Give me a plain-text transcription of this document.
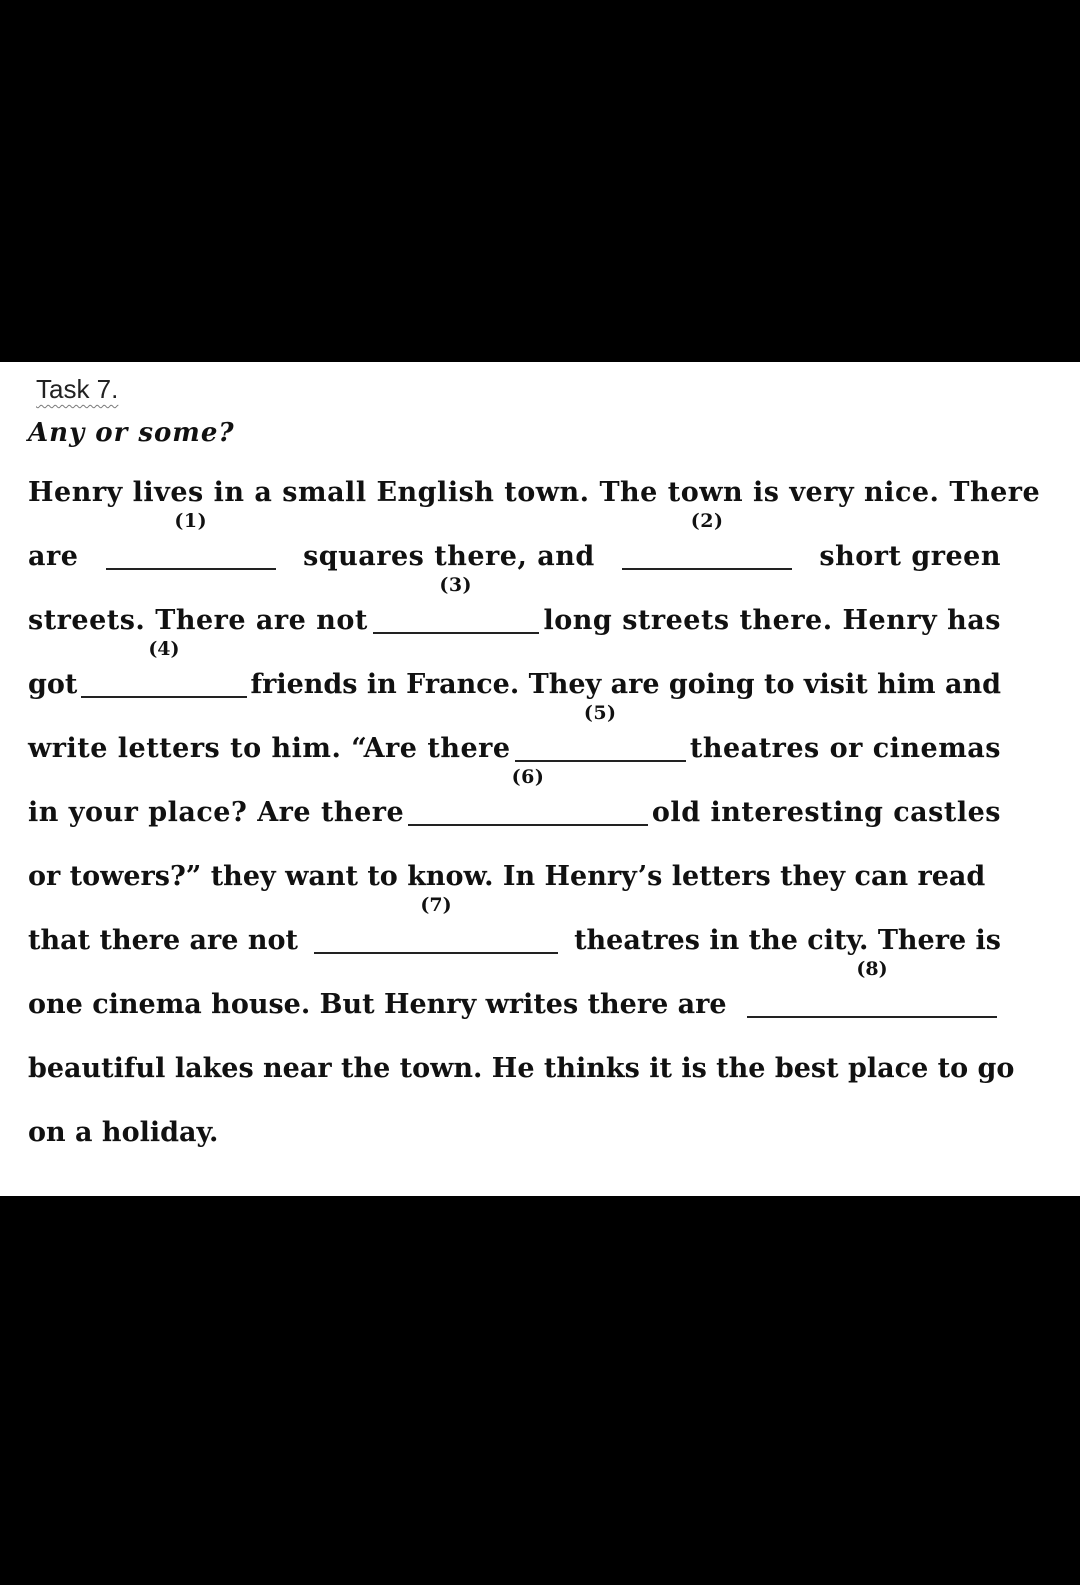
Task 7.
Any or some?
Henry lives in a small English town. The town is very nice. There
are
(1)
squares there, and
(2)
short green
streets. There are not
(3)
long streets there. Henry has
got
(4)
friends in France. They are going to visit him and
write letters to him. “Are there
(5)
theatres or cinemas
in your place? Are there
(6)
old interesting castles
or towers?” they want to know. In Henry’s letters they can read
that there are not
(7)
theatres in the city. There is
one cinema house. But Henry writes there are
(8)
beautiful lakes near the town. He thinks it is the best place to go
on a holiday.
